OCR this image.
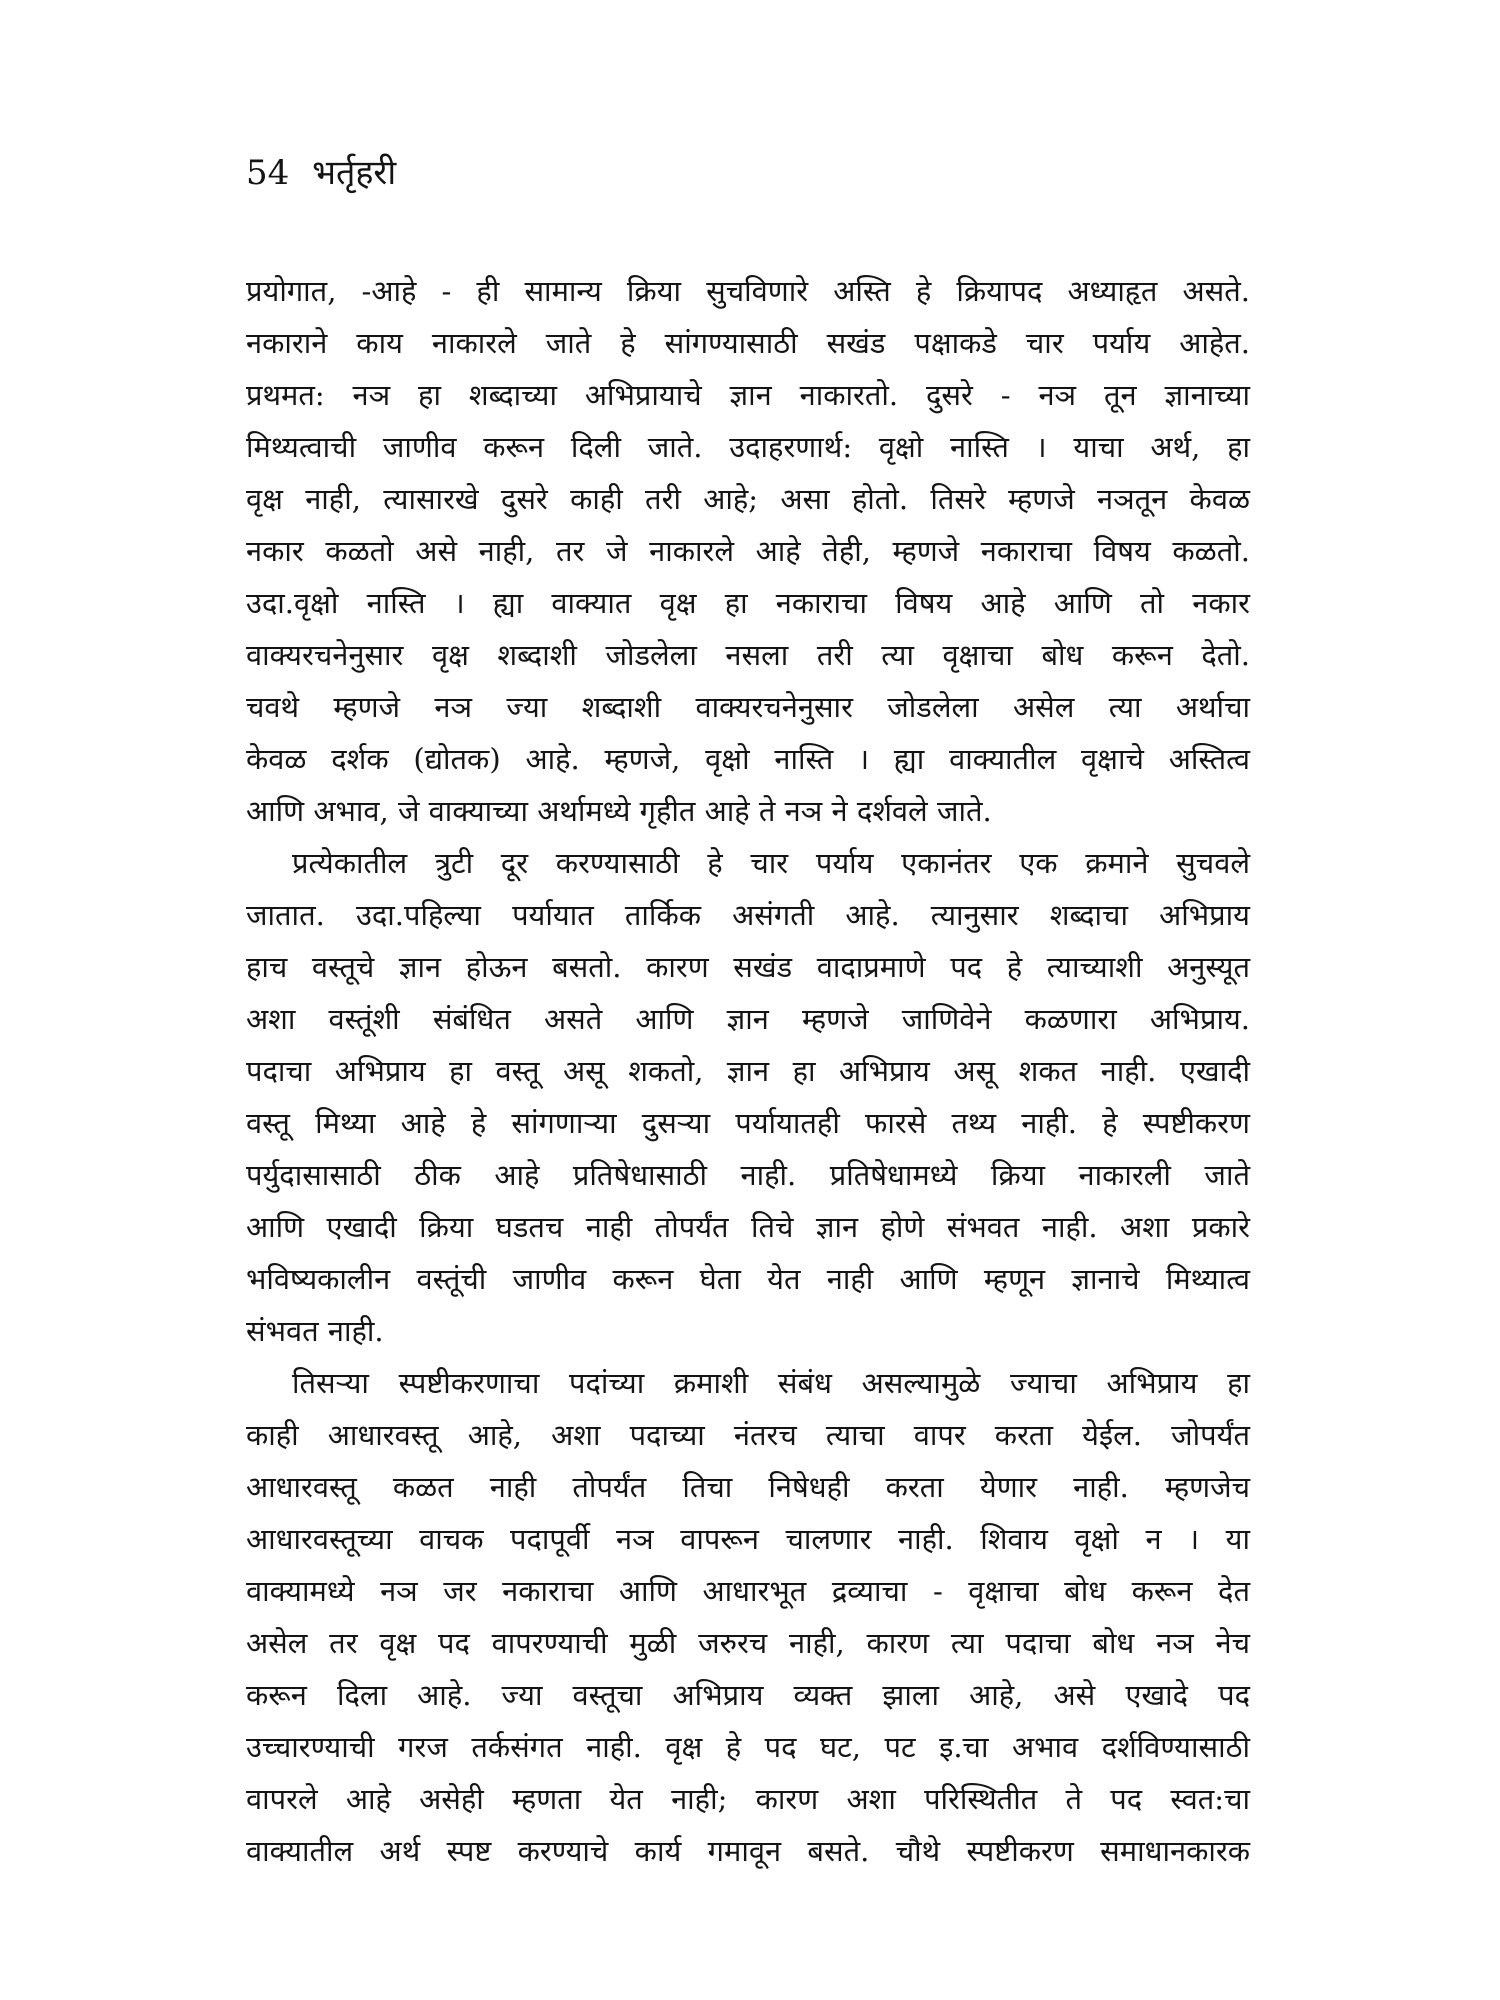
54 भर्तृहरी
प्रयोगात, -आहे - ही सामान्य क्रिया सुचविणारे अस्ति हे क्रियापद अध्याहृत असते.
नकाराने काय नाकारले जाते हे सांगण्यासाठी सखंड पक्षाकडे चार पर्याय आहेत.
प्रथमत: नञ हा शब्दाच्या अभिप्रायाचे ज्ञान नाकारतो. दुसरे - नञ तून ज्ञानाच्या
मिथ्यत्वाची जाणीव करून दिली जाते. उदाहरणार्थ: वृक्षो नास्ति । याचा अर्थ, हा
वृक्ष नाही, त्यासारखे दुसरे काही तरी आहे; असा होतो. तिसरे म्हणजे नञतून केवळ
नकार कळतो असे नाही, तर जे नाकारले आहे तेही, म्हणजे नकाराचा विषय कळतो.
उदा.वृक्षो नास्ति । ह्या वाक्यात वृक्ष हा नकाराचा विषय आहे आणि तो नकार
वाक्यरचनेनुसार वृक्ष शब्दाशी जोडलेला नसला तरी त्या वृक्षाचा बोध करून देतो.
चवथे म्हणजे नञ ज्या शब्दाशी वाक्यरचनेनुसार जोडलेला असेल त्या अर्थाचा
केवळ दर्शक (द्योतक) आहे. म्हणजे, वृक्षो नास्ति । ह्या वाक्यातील वृक्षाचे अस्तित्व
आणि अभाव, जे वाक्याच्या अर्थामध्ये गृहीत आहे ते नञ ने दर्शवले जाते.
प्रत्येकातील त्रुटी दूर करण्यासाठी हे चार पर्याय एकानंतर एक क्रमाने सुचवले
जातात. उदा.पहिल्या पर्यायात तार्किक असंगती आहे. त्यानुसार शब्दाचा अभिप्राय
हाच वस्तूचे ज्ञान होऊन बसतो. कारण सखंड वादाप्रमाणे पद हे त्याच्याशी अनुस्यूत
अशा वस्तूंशी संबंधित असते आणि ज्ञान म्हणजे जाणिवेने कळणारा अभिप्राय.
पदाचा अभिप्राय हा वस्तू असू शकतो, ज्ञान हा अभिप्राय असू शकत नाही. एखादी
वस्तू मिथ्या आहे हे सांगणाऱ्या दुसऱ्या पर्यायातही फारसे तथ्य नाही. हे स्पष्टीकरण
पर्युदासासाठी ठीक आहे प्रतिषेधासाठी नाही. प्रतिषेधामध्ये क्रिया नाकारली जाते
आणि एखादी क्रिया घडतच नाही तोपर्यंत तिचे ज्ञान होणे संभवत नाही. अशा प्रकारे
भविष्यकालीन वस्तूंची जाणीव करून घेता येत नाही आणि म्हणून ज्ञानाचे मिथ्यात्व
संभवत नाही.
तिसऱ्या स्पष्टीकरणाचा पदांच्या क्रमाशी संबंध असल्यामुळे ज्याचा अभिप्राय हा
काही आधारवस्तू आहे, अशा पदाच्या नंतरच त्याचा वापर करता येईल. जोपर्यंत
आधारवस्तू कळत नाही तोपर्यंत तिचा निषेधही करता येणार नाही. म्हणजेच
आधारवस्तूच्या वाचक पदापूर्वी नञ वापरून चालणार नाही. शिवाय वृक्षो न । या
वाक्यामध्ये नञ जर नकाराचा आणि आधारभूत द्रव्याचा - वृक्षाचा बोध करून देत
असेल तर वृक्ष पद वापरण्याची मुळी जरुरच नाही, कारण त्या पदाचा बोध नञ नेच
करून दिला आहे. ज्या वस्तूचा अभिप्राय व्यक्त झाला आहे, असे एखादे पद
उच्चारण्याची गरज तर्कसंगत नाही. वृक्ष हे पद घट, पट इ.चा अभाव दर्शविण्यासाठी
वापरले आहे असेही म्हणता येत नाही; कारण अशा परिस्थितीत ते पद स्वत:चा
वाक्यातील अर्थ स्पष्ट करण्याचे कार्य गमावून बसते. चौथे स्पष्टीकरण समाधानकारक
